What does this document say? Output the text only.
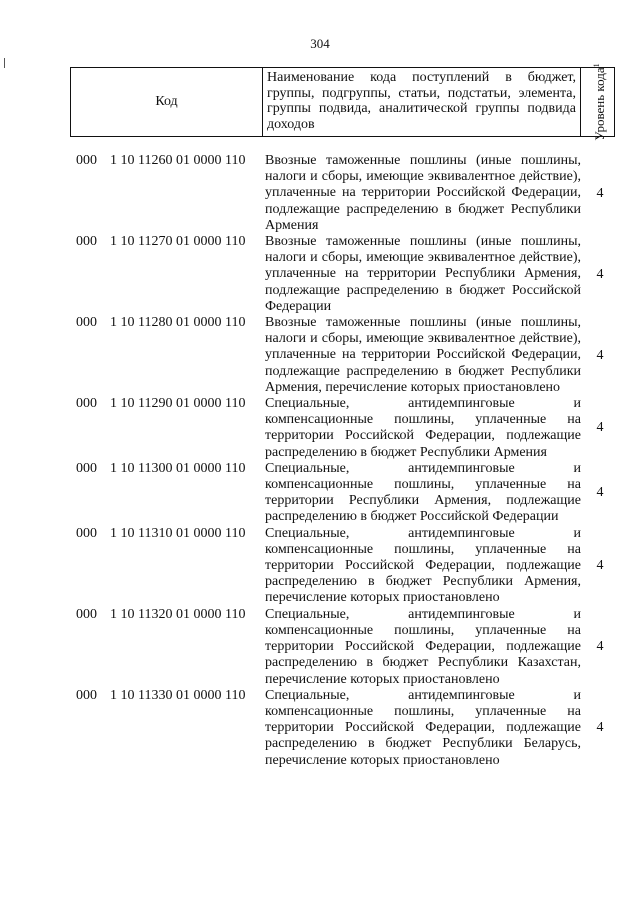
304
Код
Наименование кода поступлений в бюджет, группы, подгруппы, статьи, подстатьи, элемента, группы подвида, аналитической группы подвида доходов	Уровень кода$^1$
000 1 10 11260 01 0000 110 Ввозные таможенные пошлины (иные пошлины, налоги и сборы, имеющие эквивалентное действие), уплаченные на территории Российской Федерации, подлежащие распределению в бюджет Республики Армения
4
000 1 10 11270 01 0000 110 Ввозные таможенные пошлины (иные пошлины, налоги и сборы, имеющие эквивалентное действие), уплаченные на территории Республики Армения, подлежащие распределению в бюджет Российской Федерации
4
000 1 10 11280 01 0000 110 Ввозные таможенные пошлины (иные пошлины, налоги и сборы, имеющие эквивалентное действие), уплаченные на территории Российской Федерации, подлежащие распределению в бюджет Республики Армения, перечисление которых приостановлено
4
000 1 10 11290 01 0000 110 Специальные, антидемпинговые и компенсационные пошлины, уплаченные на территории Российской Федерации, подлежащие распределению в бюджет Республики Армения
4
000 1 10 11300 01 0000 110 Специальные, антидемпинговые и компенсационные пошлины, уплаченные на территории Республики Армения, подлежащие распределению в бюджет Российской Федерации
4
000 1 10 11310 01 0000 110 Специальные, антидемпинговые и компенсационные пошлины, уплаченные на территории Российской Федерации, подлежащие распределению в бюджет Республики Армения, перечисление которых приостановлено
4
000 1 10 11320 01 0000 110 Специальные, антидемпинговые и компенсационные пошлины, уплаченные на территории Российской Федерации, подлежащие распределению в бюджет Республики Казахстан, перечисление которых приостановлено
4
000 1 10 11330 01 0000 110 Специальные, антидемпинговые и компенсационные пошлины, уплаченные на территории Российской Федерации, подлежащие распределению в бюджет Республики Беларусь, перечисление которых приостановлено
4
